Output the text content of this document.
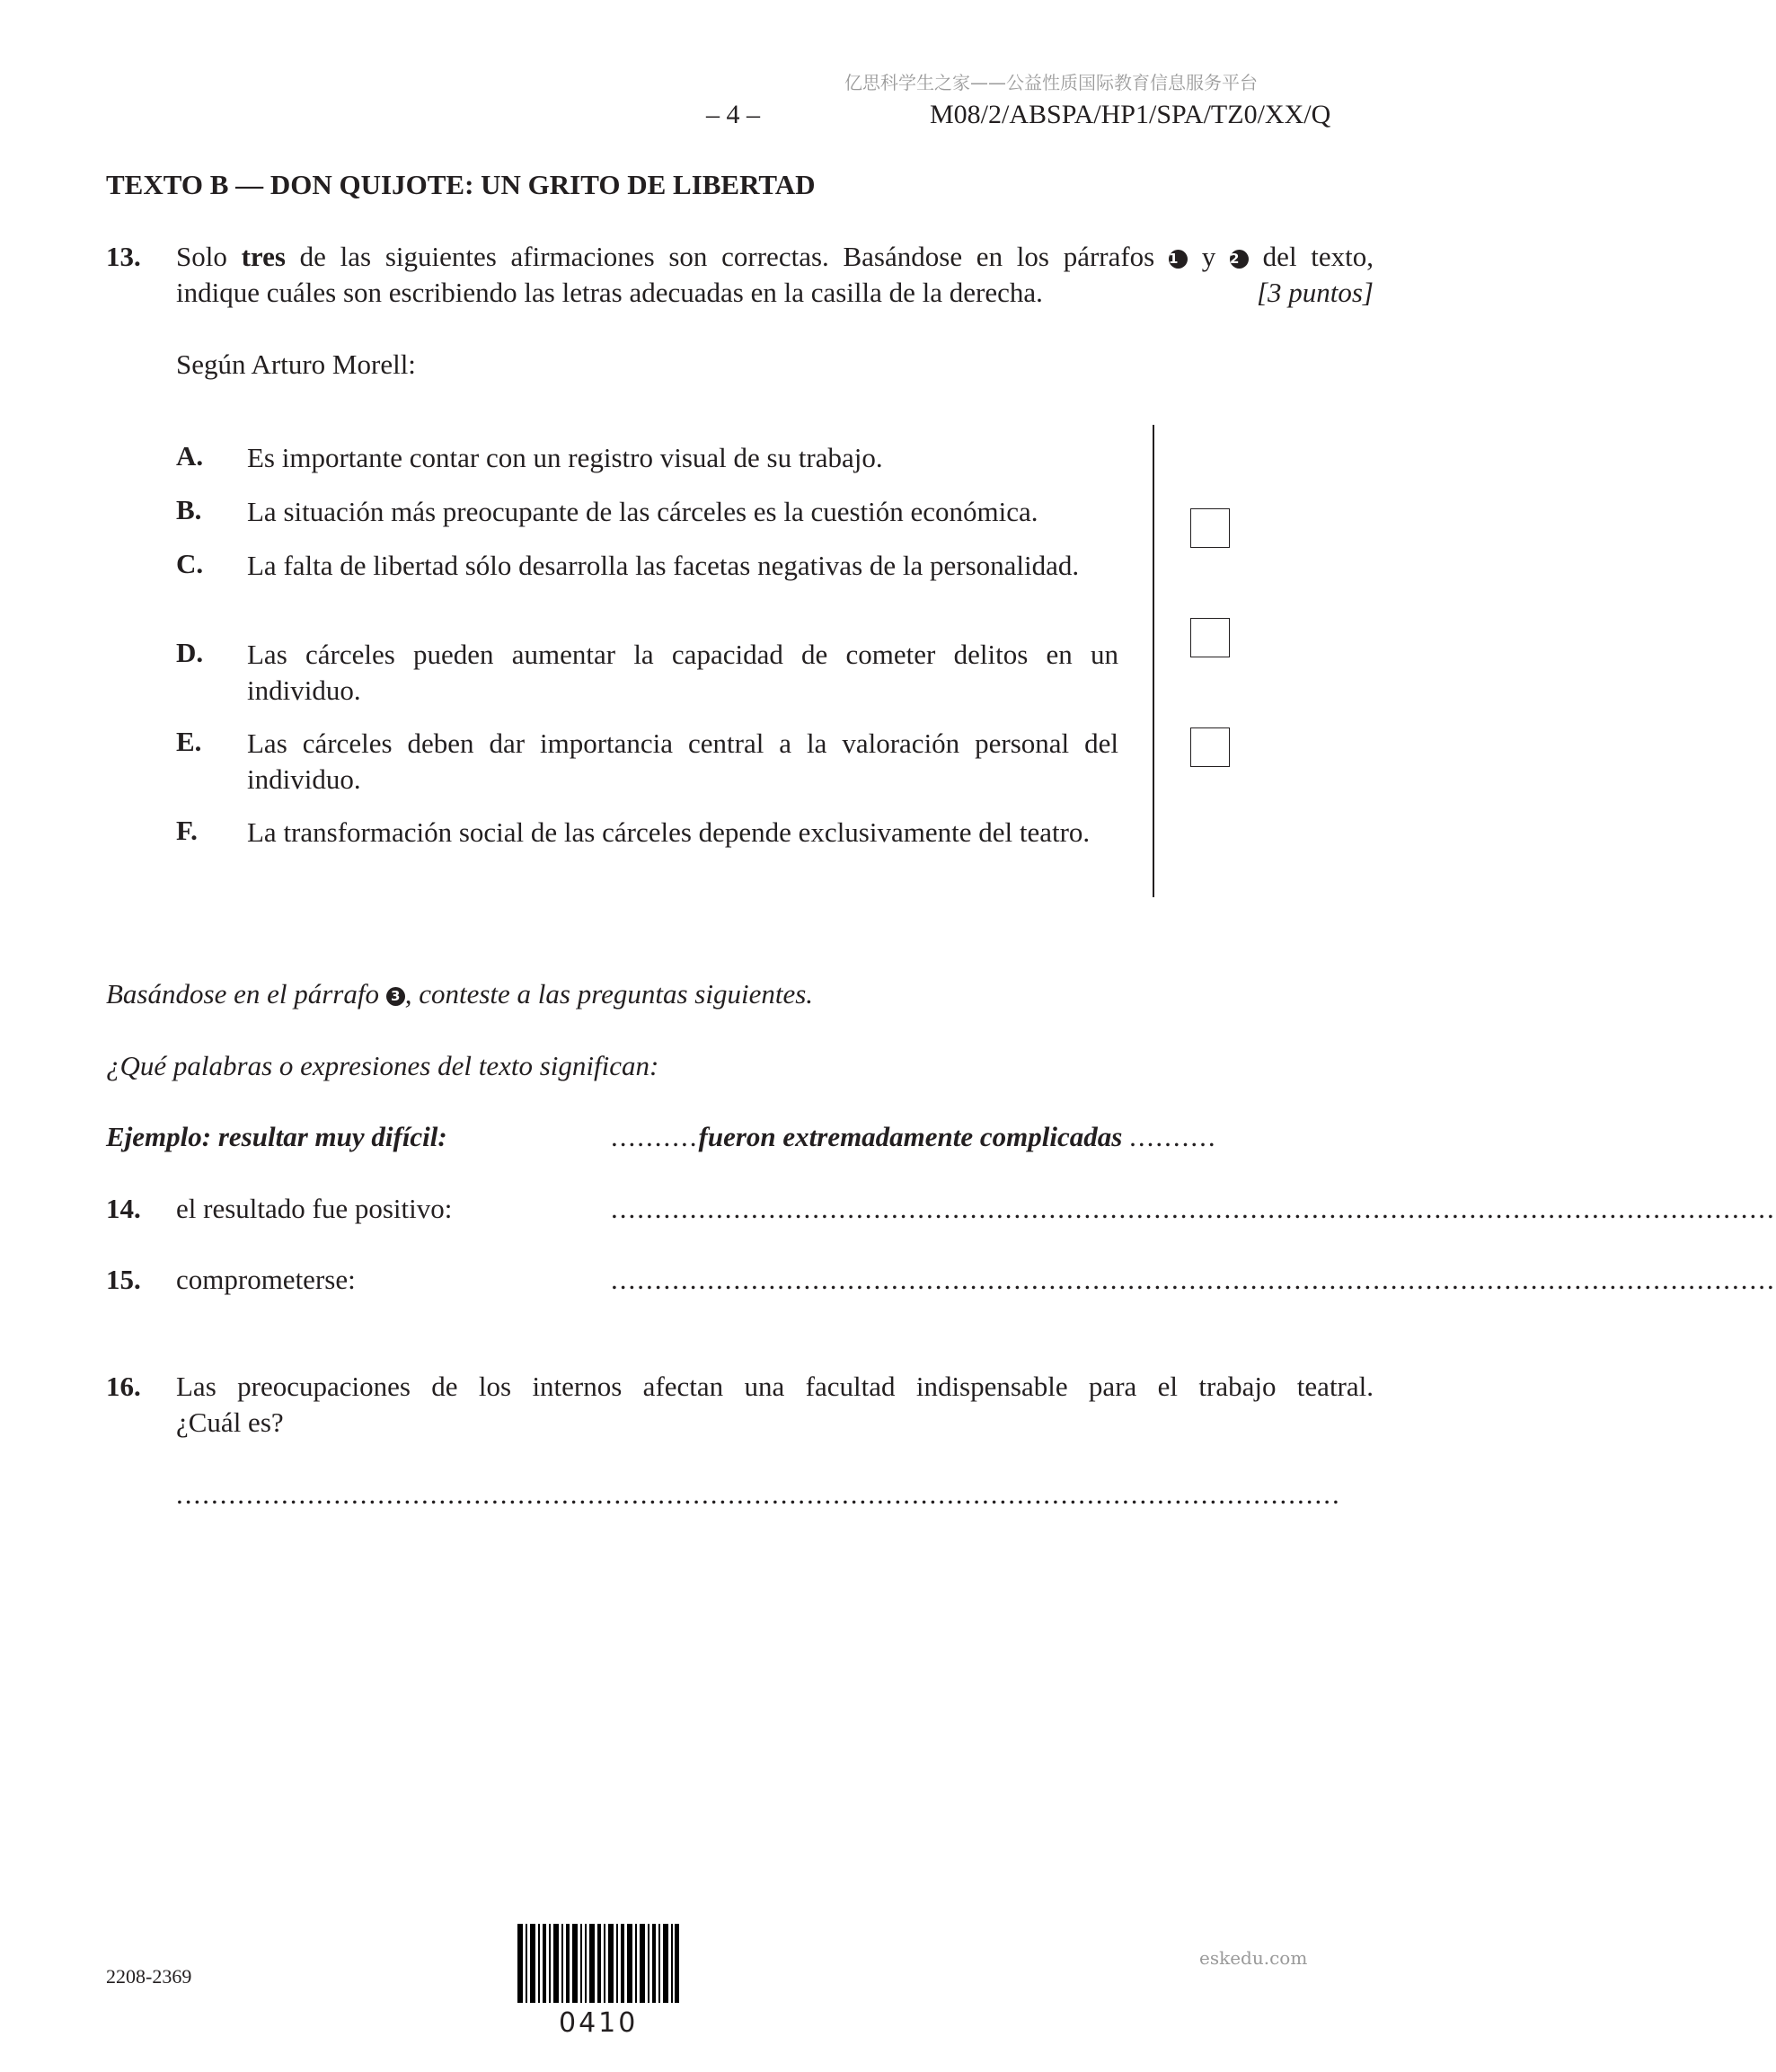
亿思科学生之家——公益性质国际教育信息服务平台
– 4 –	M08/2/ABSPA/HP1/SPA/TZ0/XX/Q
TEXTO B — DON QUIJOTE: UN GRITO DE LIBERTAD
13. Solo tres de las siguientes afirmaciones son correctas. Basándose en los párrafos 1 y 2 del texto,
indique cuáles son escribiendo las letras adecuadas en la casilla de la derecha.	[3 puntos]
Según Arturo Morell:
A. Es importante contar con un registro visual de su trabajo.
B. La situación más preocupante de las cárceles es la cuestión económica.
C. La falta de libertad sólo desarrolla las facetas negativas de la personalidad.
D. Las cárceles pueden aumentar la capacidad de cometer delitos en un individuo.
E. Las cárceles deben dar importancia central a la valoración personal del individuo.
F. La transformación social de las cárceles depende exclusivamente del teatro.
Basándose en el párrafo 3 , conteste a las preguntas siguientes.
¿Qué palabras o expresiones del texto significan:
Ejemplo: resultar muy difícil:	..........fueron extremadamente complicadas ..........
14. el resultado fue positivo:	.....................................................................................................................................
15. comprometerse:	.....................................................................................................................................
16. Las preocupaciones de los internos afectan una facultad indispensable para el trabajo teatral.
¿Cuál es?
.....................................................................................................................................
2208-2369
eskedu.com
0410
